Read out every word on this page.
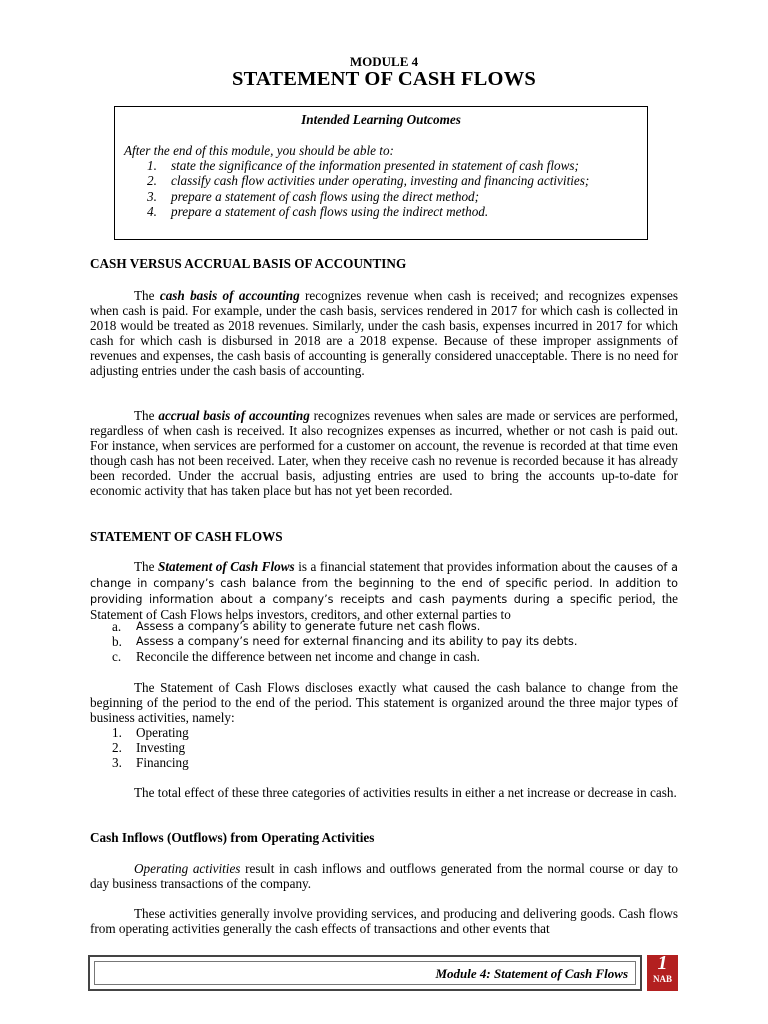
MODULE 4
STATEMENT OF CASH FLOWS
Intended Learning Outcomes
After the end of this module, you should be able to:
1.	state the significance of the information presented in statement of cash flows;
2.	classify cash flow activities under operating, investing and financing activities;
3.	prepare a statement of cash flows using the direct method;
4.	prepare a statement of cash flows using the indirect method.
CASH VERSUS ACCRUAL BASIS OF ACCOUNTING

The cash basis of accounting recognizes revenue when cash is received; and recognizes expenses when cash is paid. For example, under the cash basis, services rendered in 2017 for which cash is collected in 2018 would be treated as 2018 revenues. Similarly, under the cash basis, expenses incurred in 2017 for which cash for which cash is disbursed in 2018 are a 2018 expense. Because of these improper assignments of revenues and expenses, the cash basis of accounting is generally considered unacceptable. There is no need for adjusting entries under the cash basis of accounting.

The accrual basis of accounting recognizes revenues when sales are made or services are performed, regardless of when cash is received. It also recognizes expenses as incurred, whether or not cash is paid out. For instance, when services are performed for a customer on account, the revenue is recorded at that time even though cash has not been received. Later, when they receive cash no revenue is recorded because it has already been recorded. Under the accrual basis, adjusting entries are used to bring the accounts up-to-date for economic activity that has taken place but has not yet been recorded.

STATEMENT OF CASH FLOWS

The Statement of Cash Flows is a financial statement that provides information about the causes of a change in company’s cash balance from the beginning to the end of specific period. In addition to providing information about a company’s receipts and cash payments during a specific period, the Statement of Cash Flows helps investors, creditors, and other external parties to

a.	Assess a company’s ability to generate future net cash flows.
b.	Assess a company’s need for external financing and its ability to pay its debts.
c.	Reconcile the difference between net income and change in cash.

The Statement of Cash Flows discloses exactly what caused the cash balance to change from the beginning of the period to the end of the period. This statement is organized around the three major types of business activities, namely:

1.	Operating
2.	Investing
3.	Financing

The total effect of these three categories of activities results in either a net increase or decrease in cash.

Cash Inflows (Outflows) from Operating Activities

Operating activities result in cash inflows and outflows generated from the normal course or day to day business transactions of the company.

These activities generally involve providing services, and producing and delivering goods. Cash flows from operating activities generally the cash effects of transactions and other events that

Module 4: Statement of Cash Flows	1
NAB
